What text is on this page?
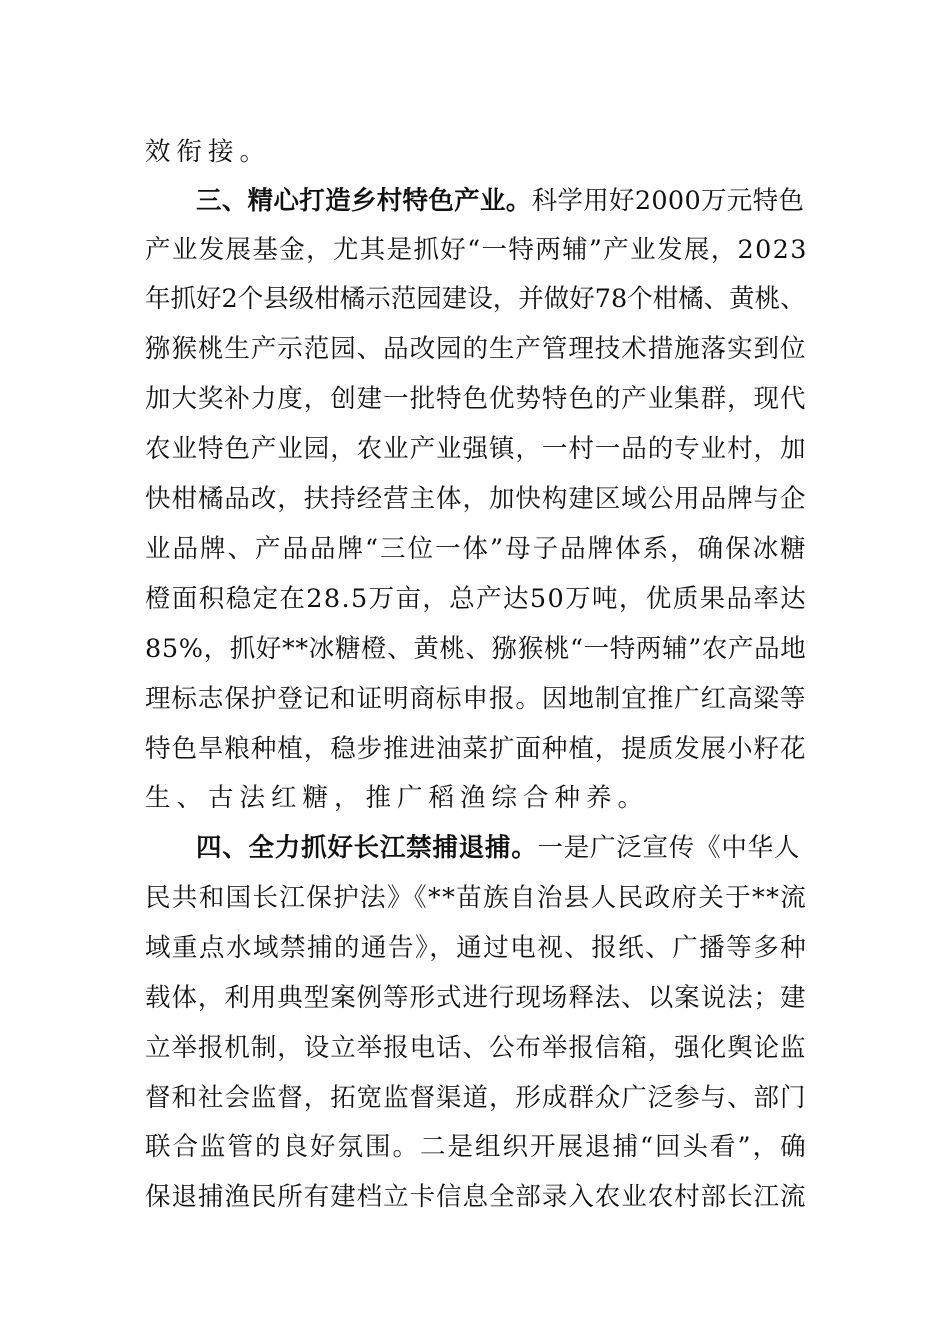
效衔接。
三、精心打造乡村特色产业。科学用好2000万元特色
产业发展基金，尤其是抓好“一特两辅”产业发展，2023
年抓好2个县级柑橘示范园建设，并做好78个柑橘、黄桃、
猕猴桃生产示范园、品改园的生产管理技术措施落实到位
加大奖补力度，创建一批特色优势特色的产业集群，现代
农业特色产业园，农业产业强镇，一村一品的专业村，加
快柑橘品改，扶持经营主体，加快构建区域公用品牌与企
业品牌、产品品牌“三位一体”母子品牌体系，确保冰糖
橙面积稳定在28.5万亩，总产达50万吨，优质果品率达
85%，抓好**冰糖橙、黄桃、猕猴桃“一特两辅”农产品地
理标志保护登记和证明商标申报。因地制宜推广红高粱等
特色旱粮种植，稳步推进油菜扩面种植，提质发展小籽花
生、古法红糖，推广稻渔综合种养。
四、全力抓好长江禁捕退捕。一是广泛宣传《中华人
民共和国长江保护法》《**苗族自治县人民政府关于**流
域重点水域禁捕的通告》，通过电视、报纸、广播等多种
载体，利用典型案例等形式进行现场释法、以案说法；建
立举报机制，设立举报电话、公布举报信箱，强化舆论监
督和社会监督，拓宽监督渠道，形成群众广泛参与、部门
联合监管的良好氛围。二是组织开展退捕“回头看”，确
保退捕渔民所有建档立卡信息全部录入农业农村部长江流
